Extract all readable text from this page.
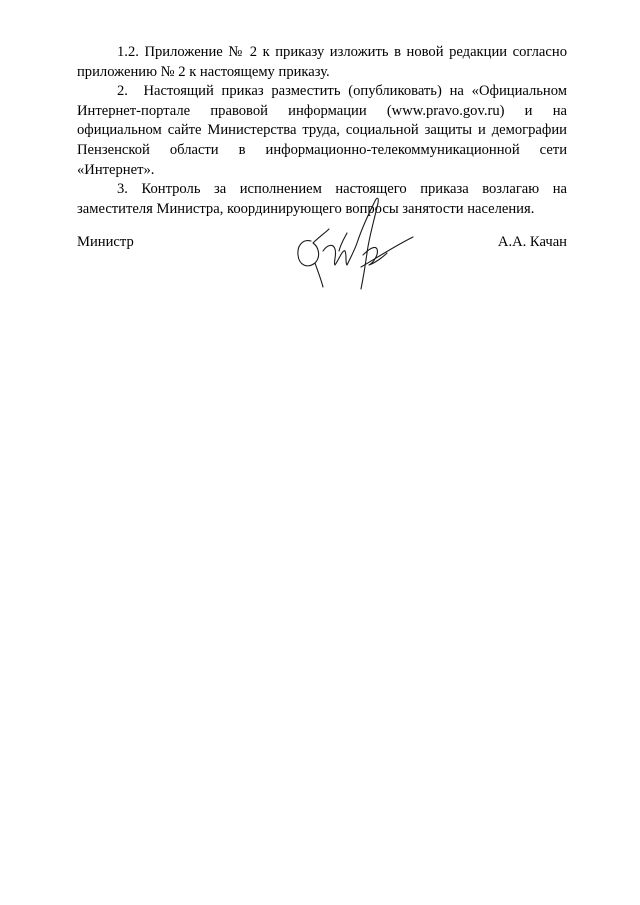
1.2. Приложение № 2 к приказу изложить в новой редакции согласно приложению № 2 к настоящему приказу.

2.  Настоящий приказ разместить (опубликовать) на «Официальном Интернет-портале правовой информации (www.pravo.gov.ru) и на официальном сайте Министерства труда, социальной защиты и демографии Пензенской области в информационно-телекоммуникационной сети «Интернет».

3. Контроль за исполнением настоящего приказа возлагаю на заместителя Министра, координирующего вопросы занятости населения.

Министр	А.А. Качан
